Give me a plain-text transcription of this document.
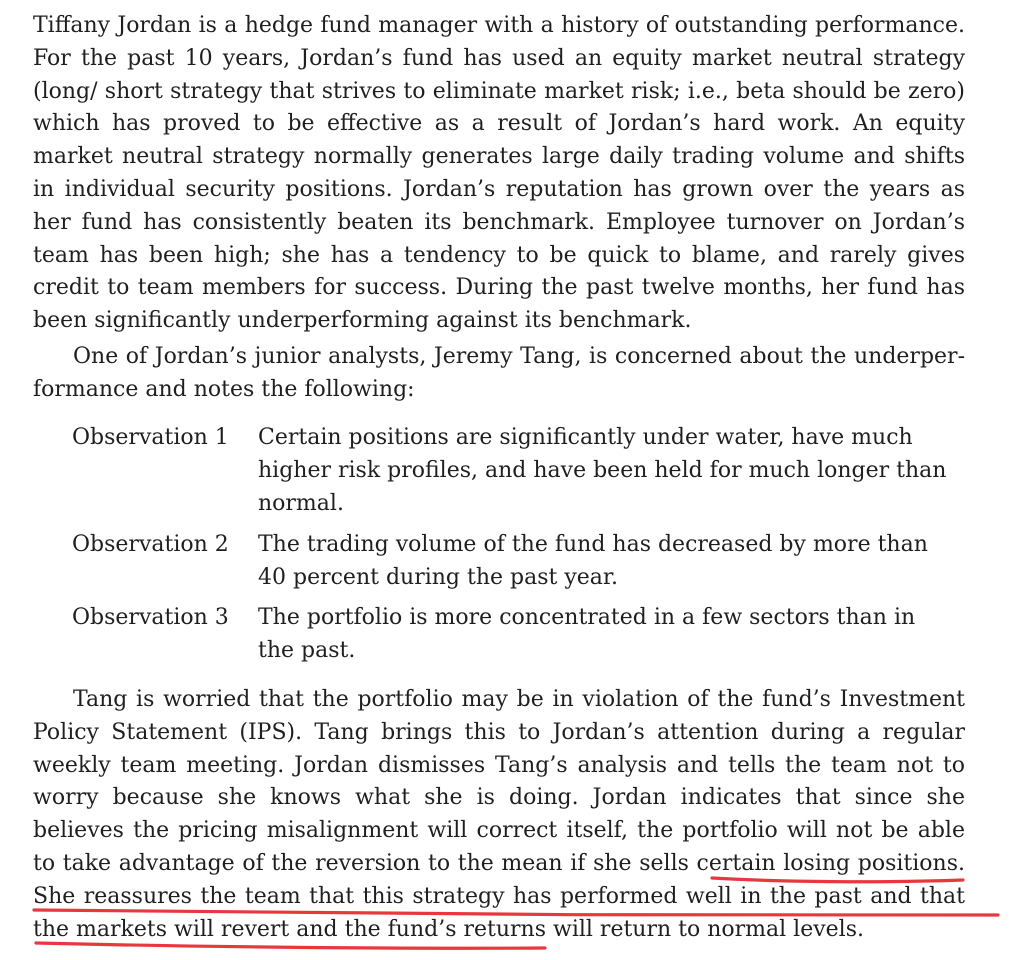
Tiffany Jordan is a hedge fund manager with a history of outstanding performance. For the past 10 years, Jordan’s fund has used an equity market neutral strategy (long/ short strategy that strives to eliminate market risk; i.e., beta should be zero) which has proved to be effective as a result of Jordan’s hard work. An equity market neutral strategy normally generates large daily trading volume and shifts in individual security positions. Jordan’s reputation has grown over the years as her fund has consistently beaten its benchmark. Employee turnover on Jordan’s team has been high; she has a tendency to be quick to blame, and rarely gives credit to team members for success. During the past twelve months, her fund has been significantly underperforming against its benchmark.

One of Jordan’s junior analysts, Jeremy Tang, is concerned about the underperformance and notes the following:

Observation 1	Certain positions are significantly under water, have much higher risk profiles, and have been held for much longer than normal.
Observation 2	The trading volume of the fund has decreased by more than 40 percent during the past year.
Observation 3	The portfolio is more concentrated in a few sectors than in the past.

Tang is worried that the portfolio may be in violation of the fund’s Investment Policy Statement (IPS). Tang brings this to Jordan’s attention during a regular weekly team meeting. Jordan dismisses Tang’s analysis and tells the team not to worry because she knows what she is doing. Jordan indicates that since she believes the pricing misalignment will correct itself, the portfolio will not be able to take advantage of the reversion to the mean if she sells certain losing positions. She reassures the team that this strategy has performed well in the past and that the markets will revert and the fund’s returns will return to normal levels.
